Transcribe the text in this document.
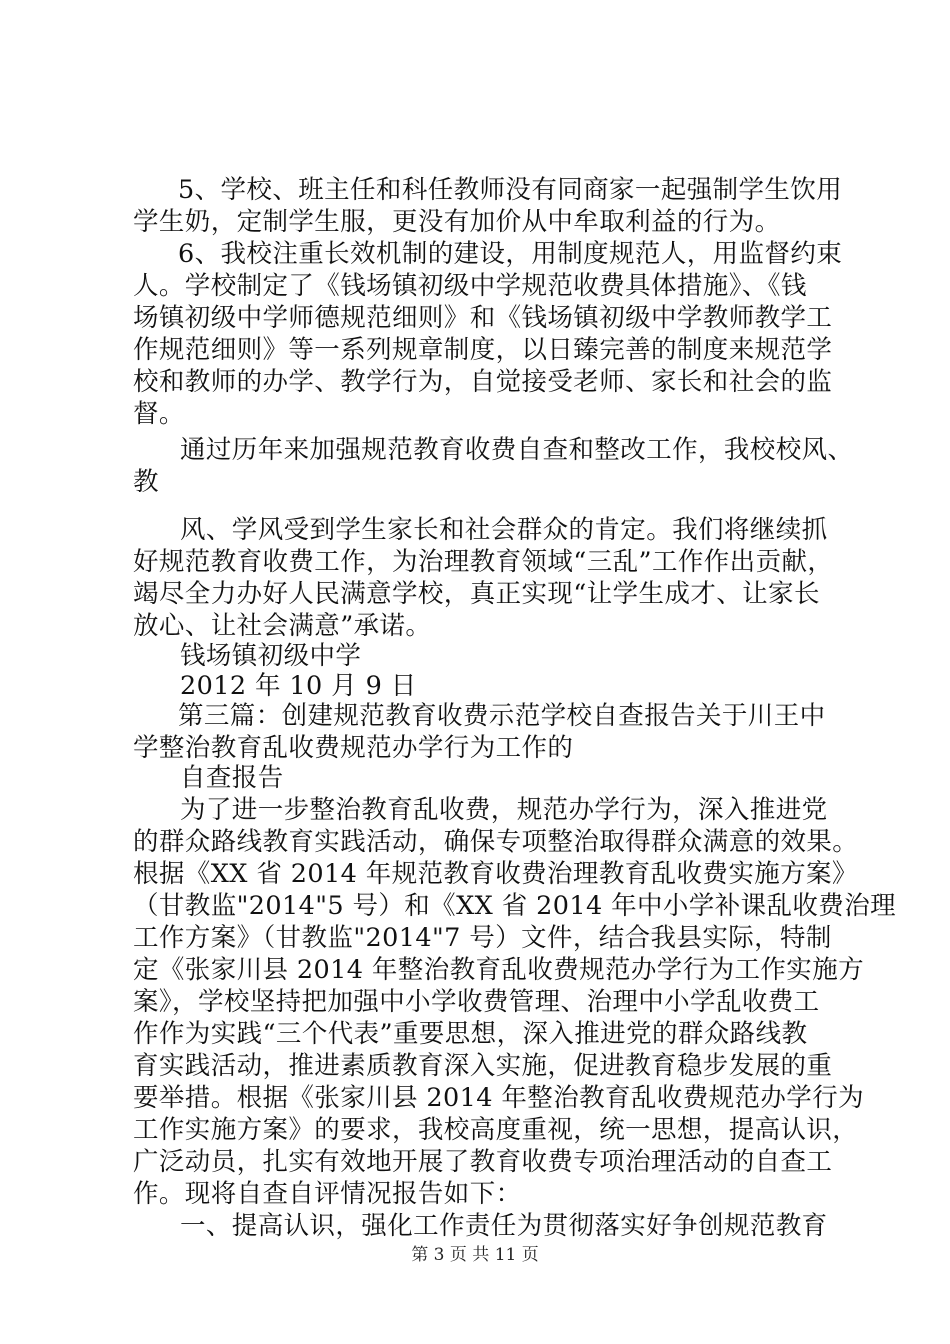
5、学校、班主任和科任教师没有同商家一起强制学生饮用
学生奶，定制学生服，更没有加价从中牟取利益的行为。
6、我校注重长效机制的建设，用制度规范人，用监督约束
人。学校制定了《钱场镇初级中学规范收费具体措施》、《钱
场镇初级中学师德规范细则》和《钱场镇初级中学教师教学工
作规范细则》等一系列规章制度，以日臻完善的制度来规范学
校和教师的办学、教学行为，自觉接受老师、家长和社会的监
督。
通过历年来加强规范教育收费自查和整改工作，我校校风、
教
风、学风受到学生家长和社会群众的肯定。我们将继续抓
好规范教育收费工作，为治理教育领域“三乱”工作作出贡献，
竭尽全力办好人民满意学校，真正实现“让学生成才、让家长
放心、让社会满意”承诺。
钱场镇初级中学
2012 年 10 月 9 日
第三篇：创建规范教育收费示范学校自查报告关于川王中
学整治教育乱收费规范办学行为工作的
自查报告
为了进一步整治教育乱收费，规范办学行为，深入推进党
的群众路线教育实践活动，确保专项整治取得群众满意的效果。
根据《XX 省 2014 年规范教育收费治理教育乱收费实施方案》
（甘教监"2014"5 号）和《XX 省 2014 年中小学补课乱收费治理
工作方案》（甘教监"2014"7 号）文件，结合我县实际，特制
定《张家川县 2014 年整治教育乱收费规范办学行为工作实施方
案》，学校坚持把加强中小学收费管理、治理中小学乱收费工
作作为实践“三个代表”重要思想，深入推进党的群众路线教
育实践活动，推进素质教育深入实施，促进教育稳步发展的重
要举措。根据《张家川县 2014 年整治教育乱收费规范办学行为
工作实施方案》的要求，我校高度重视，统一思想，提高认识，
广泛动员，扎实有效地开展了教育收费专项治理活动的自查工
作。现将自查自评情况报告如下：
一、提高认识，强化工作责任为贯彻落实好争创规范教育
第 3 页 共 11 页
